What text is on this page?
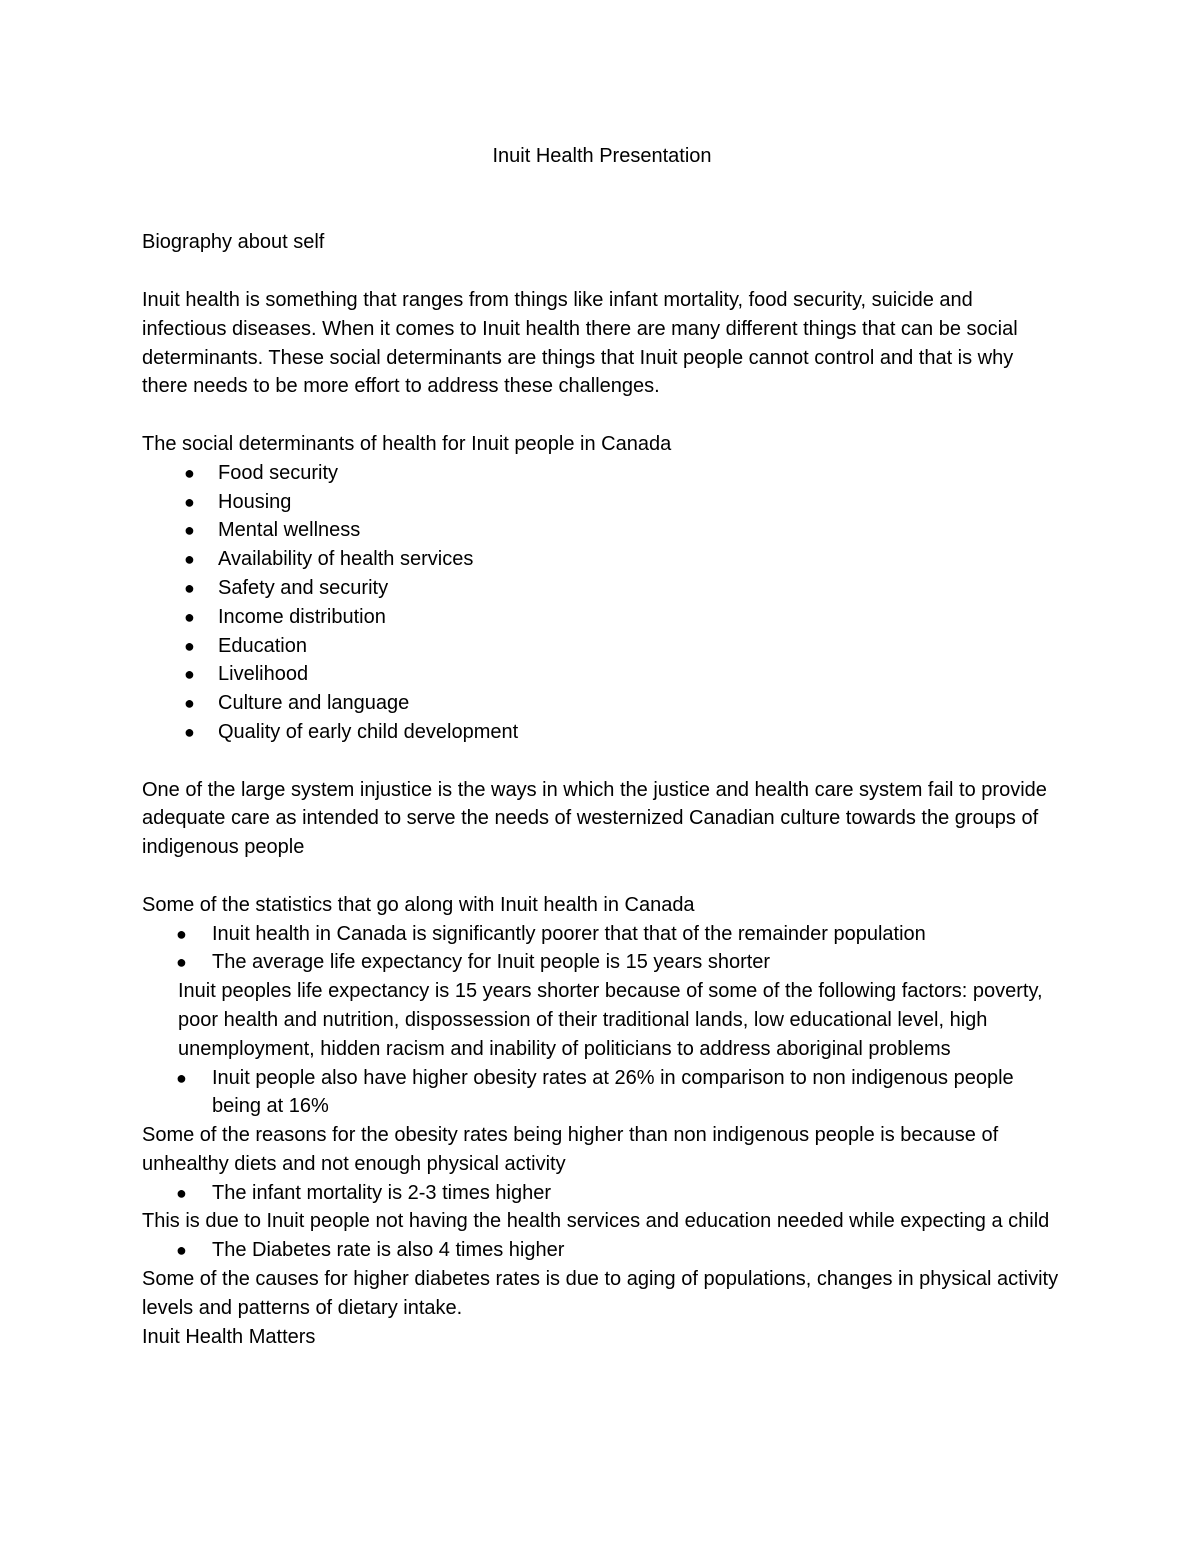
Inuit Health Presentation

Biography about self

Inuit health is something that ranges from things like infant mortality, food security, suicide and infectious diseases. When it comes to Inuit health there are many different things that can be social determinants. These social determinants are things that Inuit people cannot control and that is why there needs to be more effort to address these challenges.

The social determinants of health for Inuit people in Canada

● Food security
● Housing
● Mental wellness
● Availability of health services
● Safety and security
● Income distribution
● Education
● Livelihood
● Culture and language
● Quality of early child development

One of the large system injustice is the ways in which the justice and health care system fail to provide adequate care as intended to serve the needs of westernized Canadian culture towards the groups of indigenous people

Some of the statistics that go along with Inuit health in Canada

● Inuit health in Canada is significantly poorer that that of the remainder population
● The average life expectancy for Inuit people is 15 years shorter

Inuit peoples life expectancy is 15 years shorter because of some of the following factors: poverty, poor health and nutrition, dispossession of their traditional lands, low educational level, high unemployment, hidden racism and inability of politicians to address aboriginal problems

● Inuit people also have higher obesity rates at 26% in comparison to non indigenous people being at 16%

Some of the reasons for the obesity rates being higher than non indigenous people is because of unhealthy diets and not enough physical activity

● The infant mortality is 2-3 times higher

This is due to Inuit people not having the health services and education needed while expecting a child

● The Diabetes rate is also 4 times higher

Some of the causes for higher diabetes rates is due to aging of populations, changes in physical activity levels and patterns of dietary intake.

Inuit Health Matters
